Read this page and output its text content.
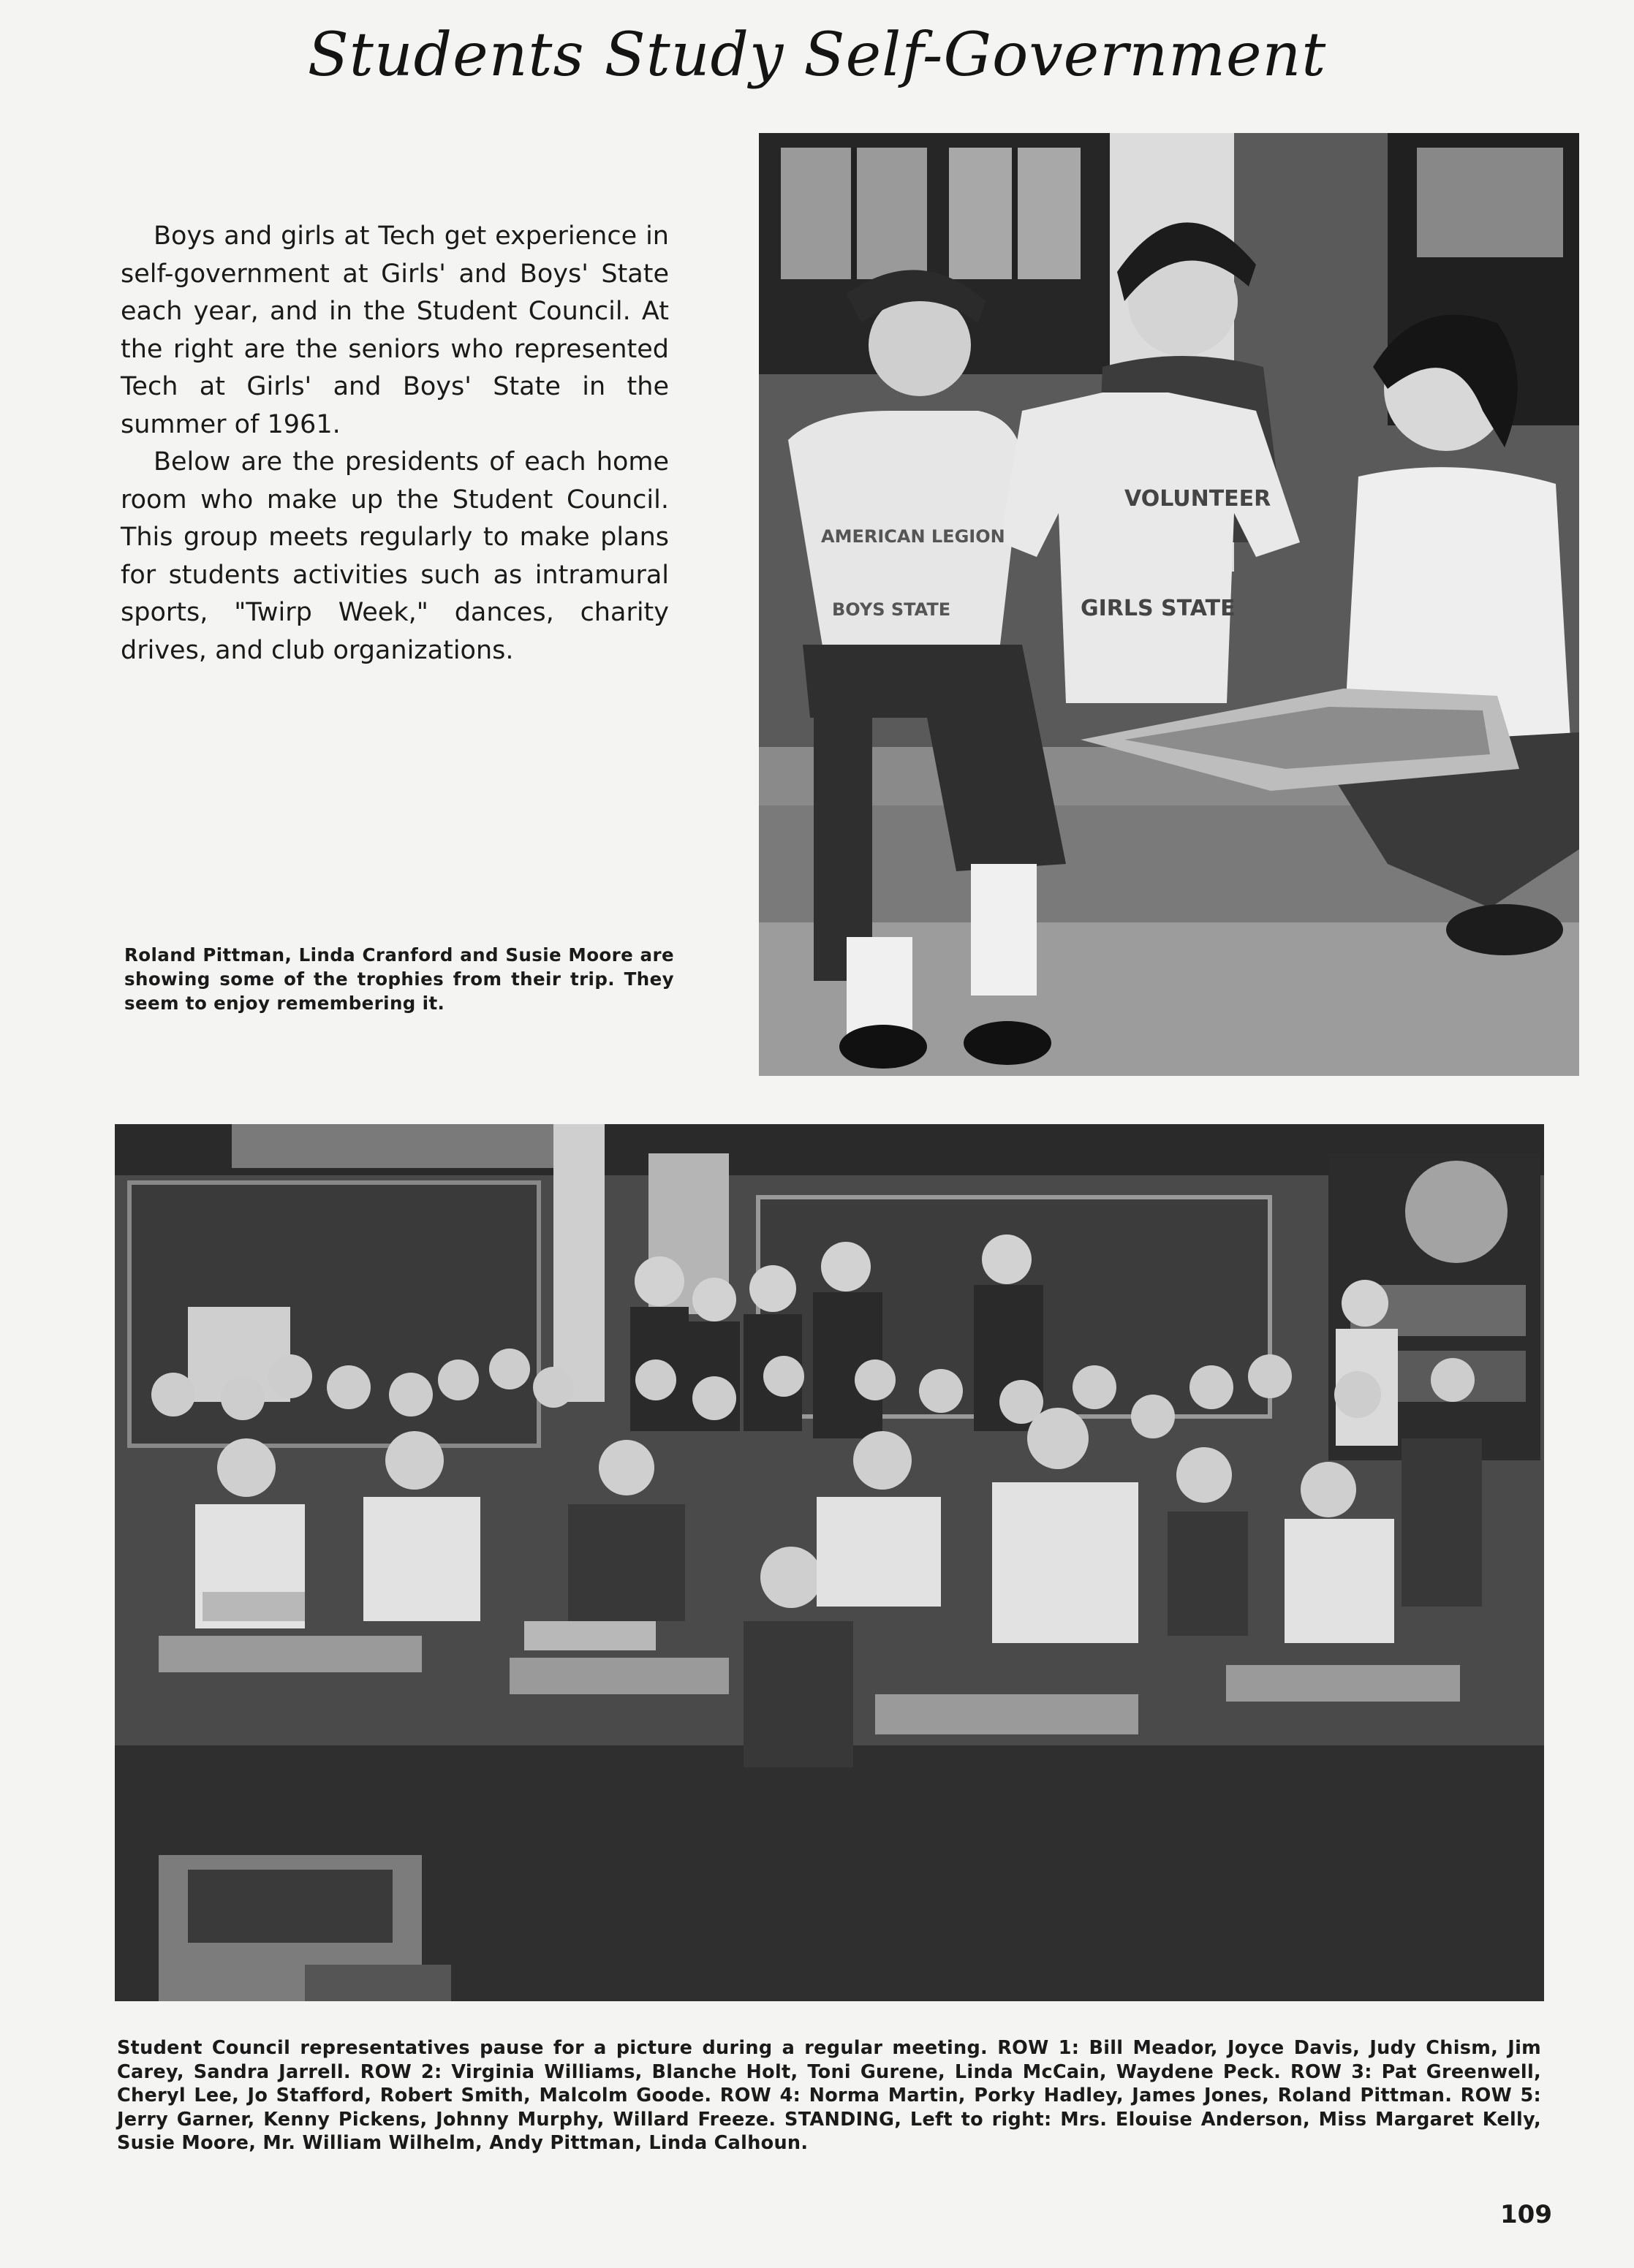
Students Study Self-Government

Boys and girls at Tech get experience in self-government at Girls' and Boys' State each year, and in the Student Council. At the right are the seniors who represented Tech at Girls' and Boys' State in the summer of 1961.

Below are the presidents of each home room who make up the Student Council. This group meets regularly to make plans for students activities such as intramural sports, "Twirp Week," dances, charity drives, and club organizations.

VOLUNTEER
GIRLS STATE
AMERICAN LEGION
BOYS STATE
Roland Pittman, Linda Cranford and Susie Moore are showing some of the trophies from their trip. They seem to enjoy remembering it.
Student Council representatives pause for a picture during a regular meeting. ROW 1: Bill Meador, Joyce Davis, Judy Chism, Jim Carey, Sandra Jarrell. ROW 2: Virginia Williams, Blanche Holt, Toni Gurene, Linda McCain, Waydene Peck. ROW 3: Pat Greenwell, Cheryl Lee, Jo Stafford, Robert Smith, Malcolm Goode. ROW 4: Norma Martin, Porky Hadley, James Jones, Roland Pittman. ROW 5: Jerry Garner, Kenny Pickens, Johnny Murphy, Willard Freeze. STANDING, Left to right: Mrs. Elouise Anderson, Miss Margaret Kelly, Susie Moore, Mr. William Wilhelm, Andy Pittman, Linda Calhoun.
109
